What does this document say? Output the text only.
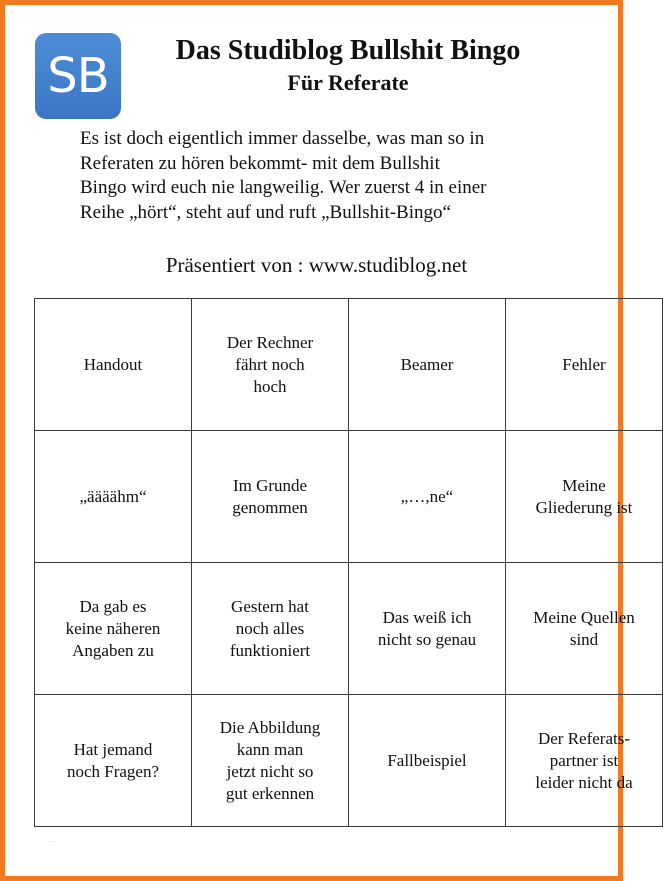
SB	Das Studiblog Bullshit Bingo
Für Referate

Es ist doch eigentlich immer dasselbe, was man so in
Referaten zu hören bekommt- mit dem Bullshit
Bingo wird euch nie langweilig. Wer zuerst 4 in einer
Reihe „hört“, steht auf und ruft „Bullshit-Bingo“

Präsentiert von : www.studiblog.net

Handout	Der Rechner
fährt noch
hoch	Beamer	Fehler

„äääähm“	Im Grunde
genommen	„…,ne“	Meine
Gliederung ist

Da gab es
keine näheren
Angaben zu	Gestern hat
noch alles
funktioniert	Das weiß ich
nicht so genau	Meine Quellen
sind

Hat jemand
noch Fragen?	Die Abbildung
kann man
jetzt nicht so
gut erkennen	Fallbeispiel	Der Referats-
partner ist
leider nicht da
⋯
